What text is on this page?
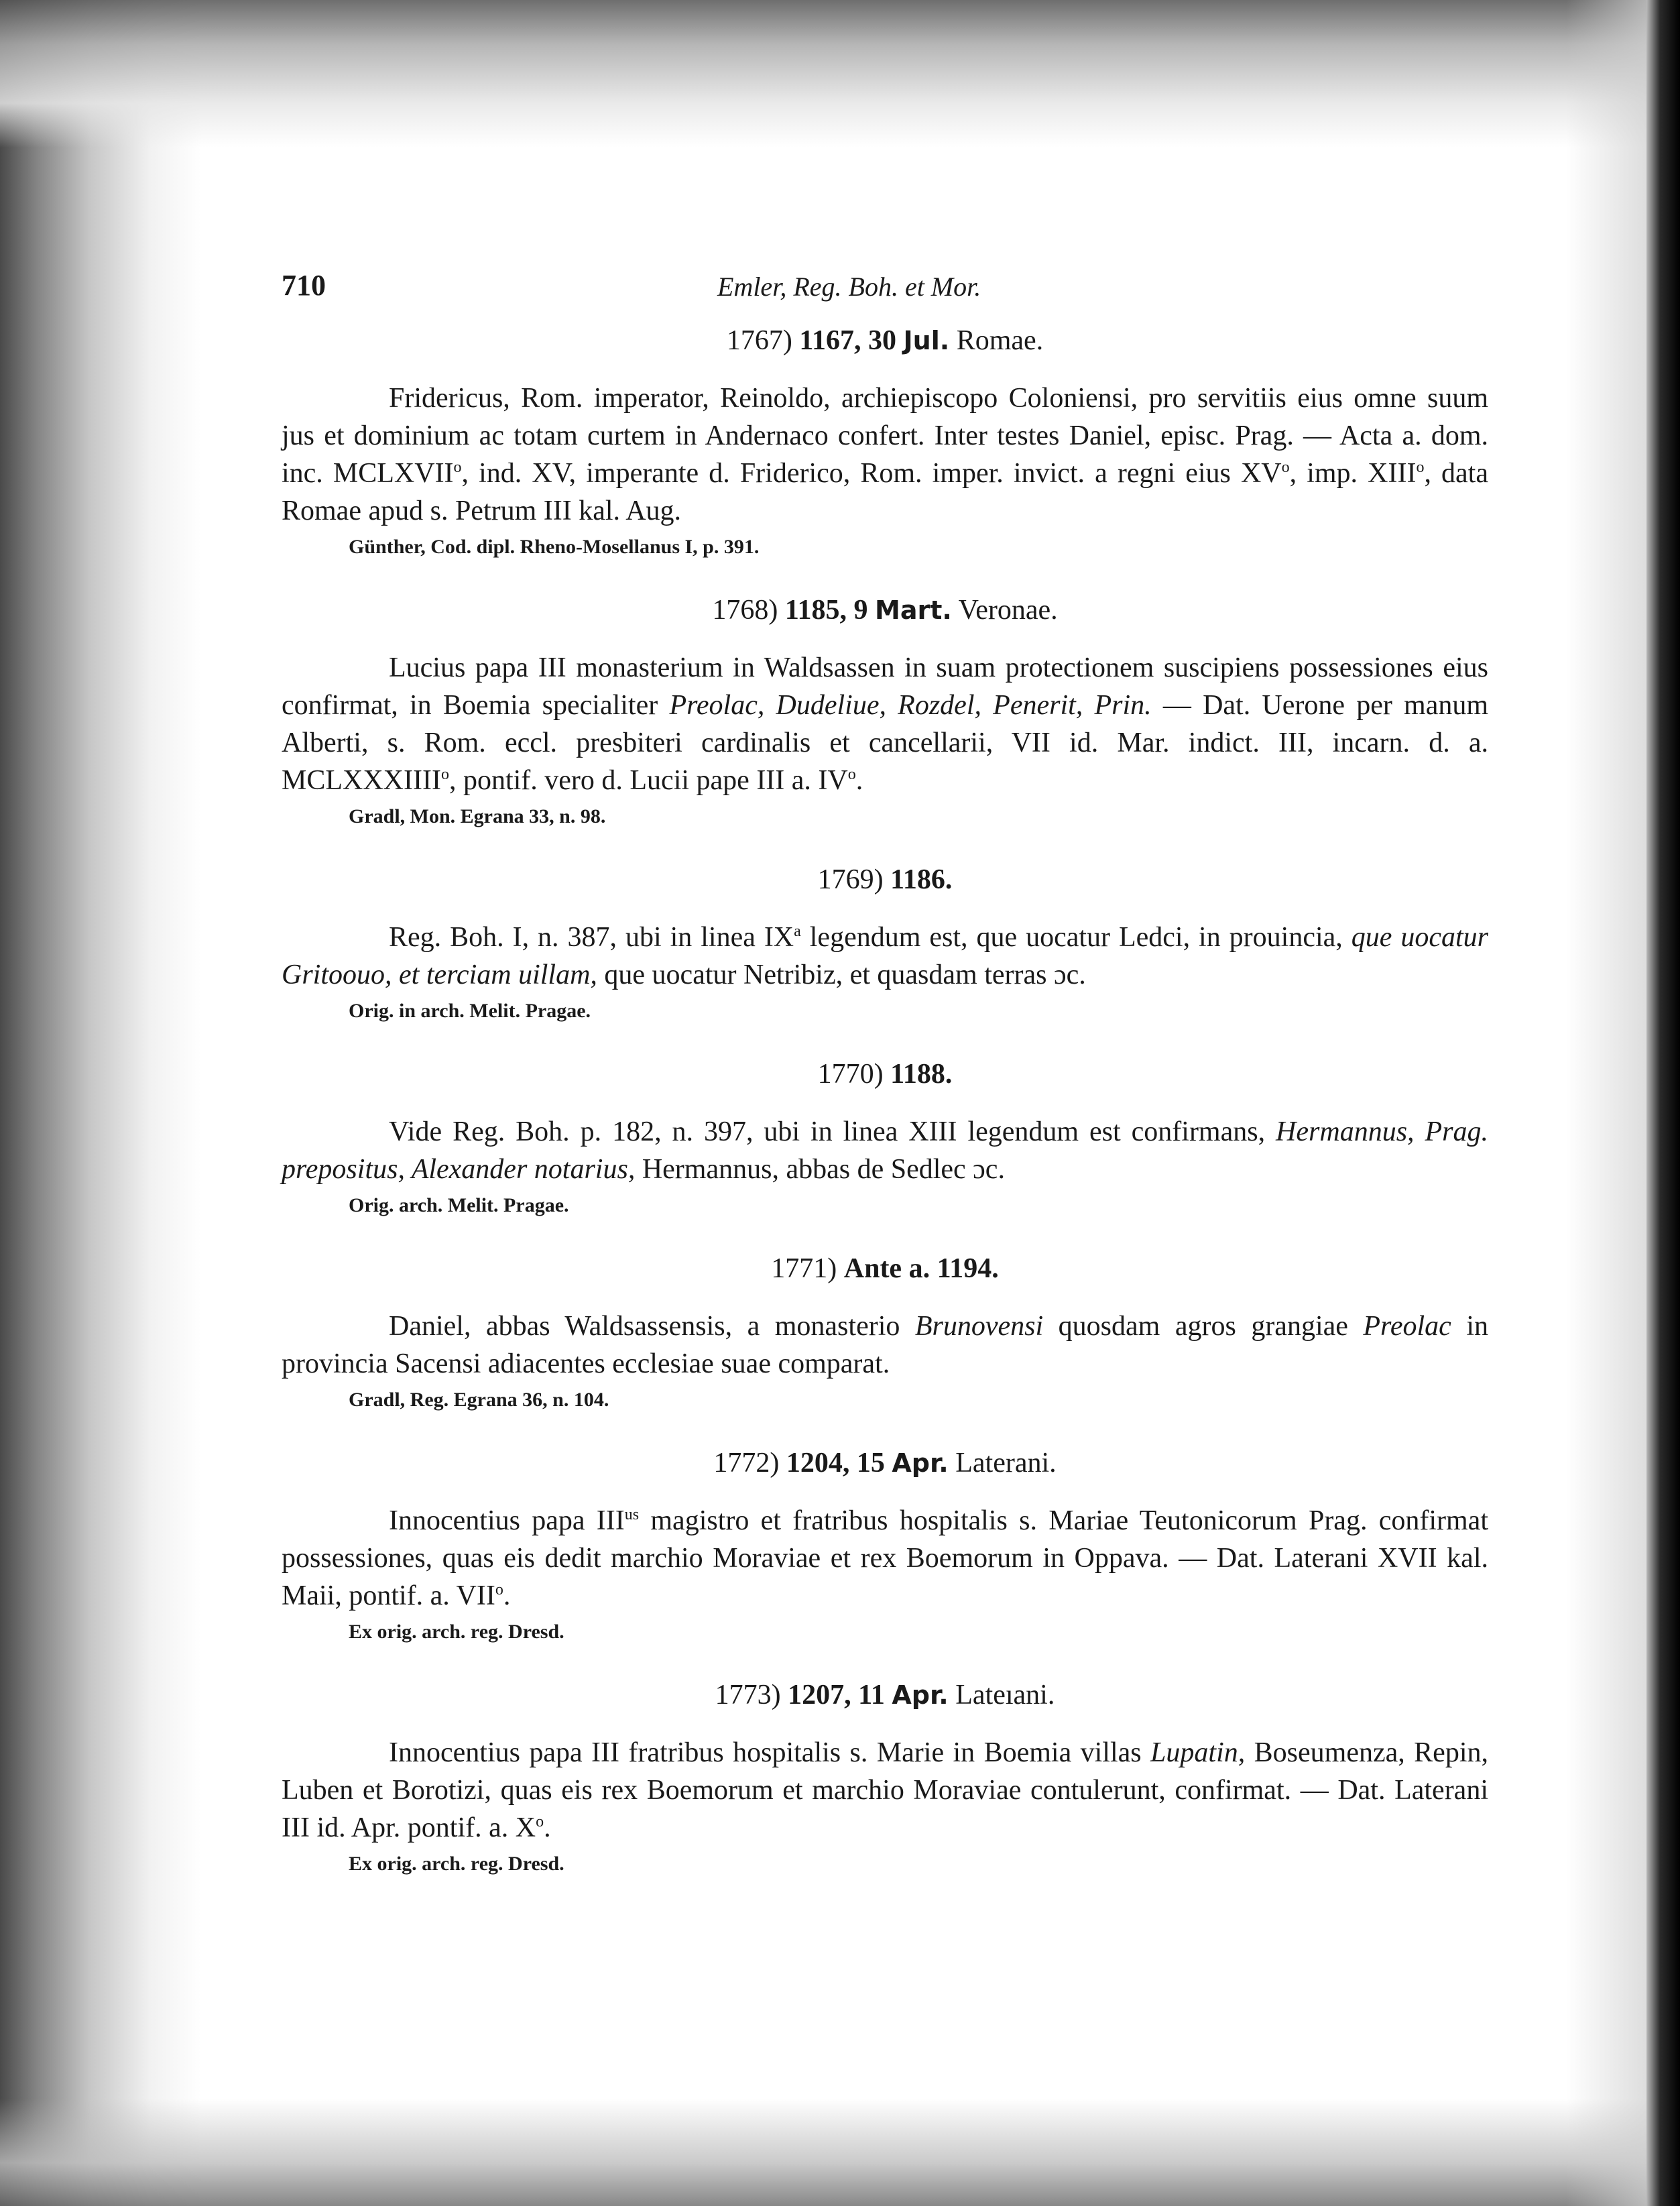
710	Emler, Reg. Boh. et Mor.
1767) 1167, 30 Jul. Romae.

Fridericus, Rom. imperator, Reinoldo, archiepiscopo Coloniensi, pro servitiis eius omne suum jus et dominium ac totam curtem in Andernaco confert. Inter testes Daniel, episc. Prag. — Acta a. dom. inc. MCLXVII$^o$, ind. XV, imperante d. Friderico, Rom. imper. invict. a regni eius $XV^o$, imp. XIII$^o$, data Romae apud s. Petrum III kal. Aug.

Günther, Cod. dipl. Rheno-Mosellanus I, p. 391.
1768) 1185, 9 Mart. Veronae.

Lucius papa III monasterium in Waldsassen in suam protectionem suscipiens possessiones eius confirmat, in Boemia specialiter Preolac, Dudeliue, Rozdel, Penerit, Prin. — Dat. Uerone per manum Alberti, s. Rom. eccl. presbiteri cardinalis et cancellarii, VII id. Mar. indict. III, incarn. d. a. MCLXXXIIII$^o$, pontif. vero d. Lucii pape III a. $IV^o$.

Gradl, Mon. Egrana 33, n. 98.
1769) 1186.

Reg. Boh. I, n. 387, ubi in linea $IX^a$ legendum est, que uocatur Ledci, in prouincia, que uocatur Gritoouo, et terciam uillam, que uocatur Netribiz, et quasdam terras ɔc.

Orig. in arch. Melit. Pragae.
1770) 1188.

Vide Reg. Boh. p. 182, n. 397, ubi in linea XIII legendum est confirmans, Hermannus, Prag. prepositus, Alexander notarius, Hermannus, abbas de Sedlec ɔc.

Orig. arch. Melit. Pragae.
1771) Ante a. 1194.

Daniel, abbas Waldsassensis, a monasterio Brunovensi quosdam agros grangiae Preolac in provincia Sacensi adiacentes ecclesiae suae comparat.

Gradl, Reg. Egrana 36, n. 104.
1772) 1204, 15 Apr. Laterani.

Innocentius papa $III^{us}$ magistro et fratribus hospitalis s. Mariae Teutonicorum Prag. confirmat possessiones, quas eis dedit marchio Moraviae et rex Boemorum in Oppava. — Dat. Laterani XVII kal. Maii, pontif. a. VII$^o$.

Ex orig. arch. reg. Dresd.
1773) 1207, 11 Apr. Lateıani.

Innocentius papa III fratribus hospitalis s. Marie in Boemia villas Lupatin, Boseumenza, Repin, Luben et Borotizi, quas eis rex Boemorum et marchio Moraviae contulerunt, confirmat. — Dat. Laterani III id. Apr. pontif. a. $X^o$.

Ex orig. arch. reg. Dresd.
